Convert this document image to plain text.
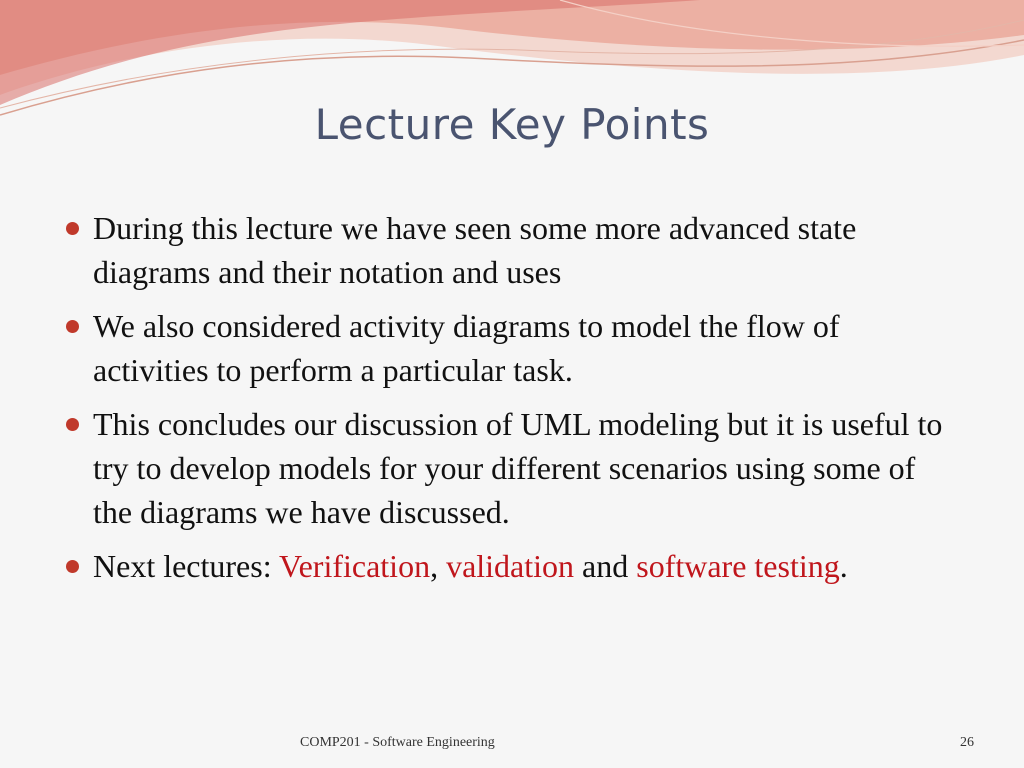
Lecture Key Points
During this lecture we have seen some more advanced state diagrams and their notation and uses
We also considered activity diagrams to model the flow of activities to perform a particular task.
This concludes our discussion of UML modeling but it is useful to try to develop models for your different scenarios using some of the diagrams we have discussed.
Next lectures: Verification, validation and software testing.
COMP201 - Software Engineering	26
